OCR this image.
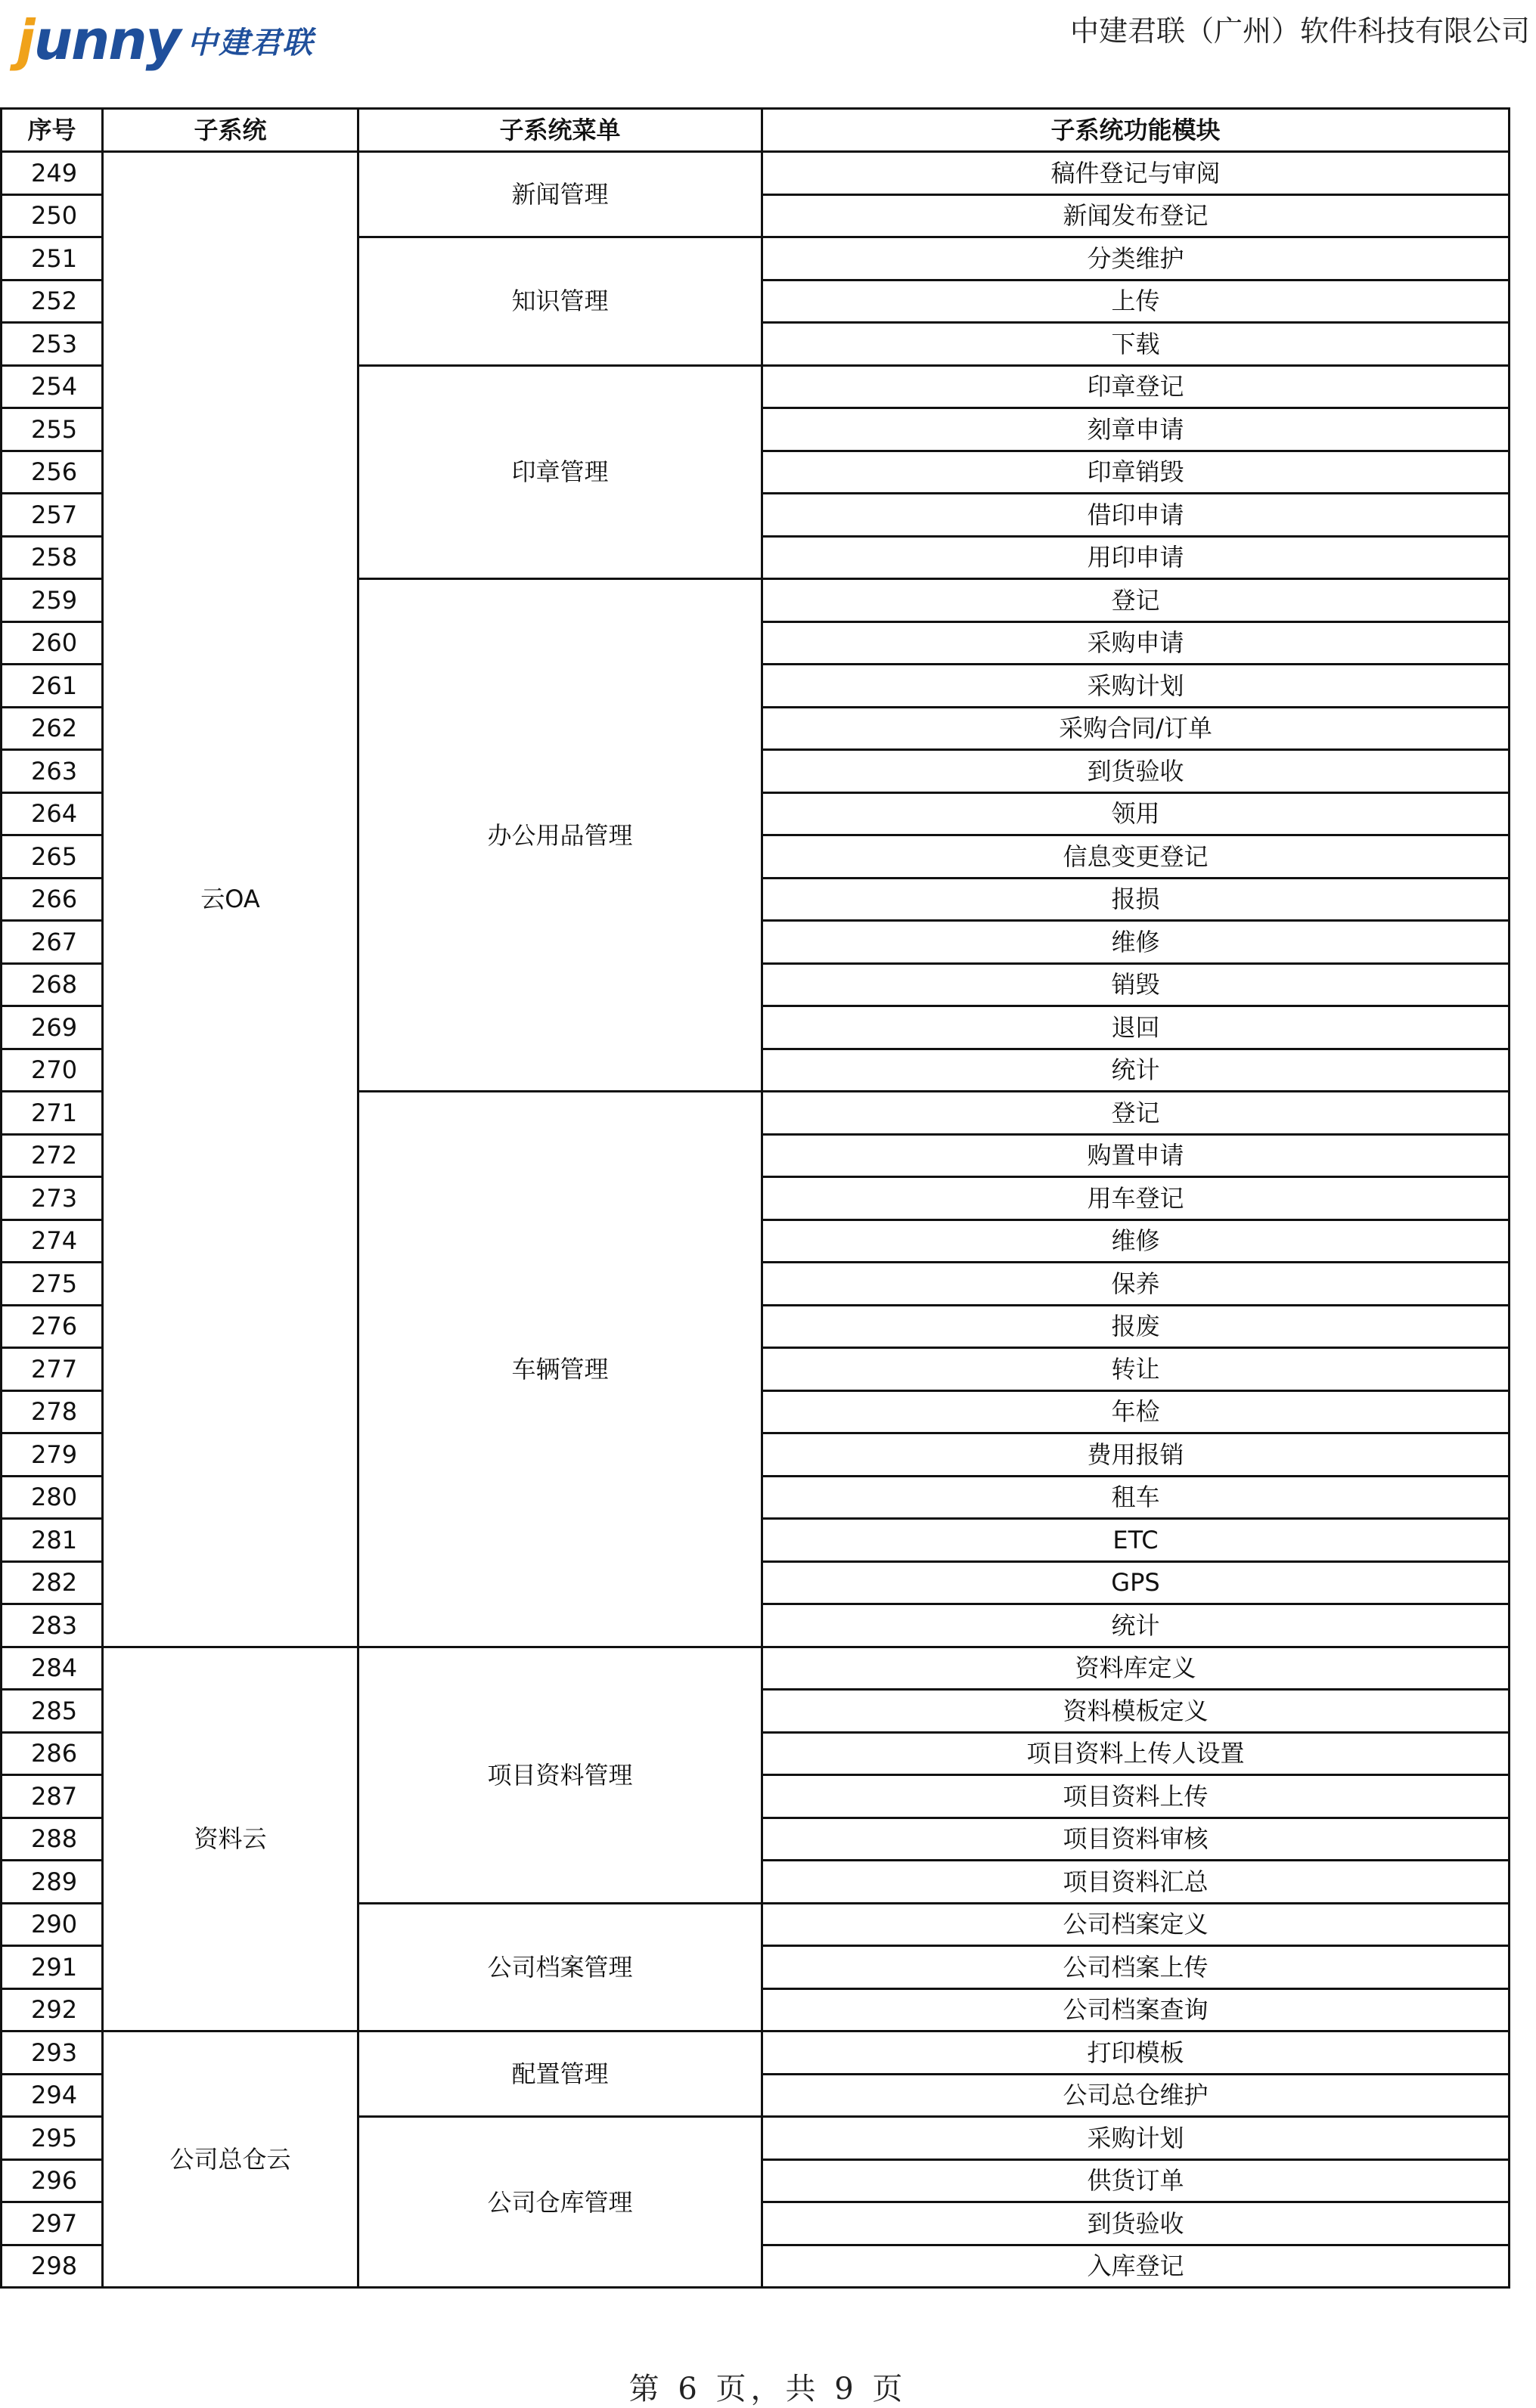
junny 中建君联	中建君联（广州）软件科技有限公司
序号	子系统	子系统菜单	子系统功能模块
249	云OA	新闻管理	稿件登记与审阅
250			新闻发布登记
251		知识管理	分类维护
252			上传
253			下载
254		印章管理	印章登记
255			刻章申请
256			印章销毁
257			借印申请
258			用印申请
259		办公用品管理	登记
260			采购申请
261			采购计划
262			采购合同/订单
263			到货验收
264			领用
265			信息变更登记
266			报损
267			维修
268			销毁
269			退回
270			统计
271		车辆管理	登记
272			购置申请
273			用车登记
274			维修
275			保养
276			报废
277			转让
278			年检
279			费用报销
280			租车
281			ETC
282			GPS
283			统计
284	资料云	项目资料管理	资料库定义
285			资料模板定义
286			项目资料上传人设置
287			项目资料上传
288			项目资料审核
289			项目资料汇总
290		公司档案管理	公司档案定义
291			公司档案上传
292			公司档案查询
293	公司总仓云	配置管理	打印模板
294			公司总仓维护
295		公司仓库管理	采购计划
296			供货订单
297			到货验收
298			入库登记
第 6 页，共 9 页
